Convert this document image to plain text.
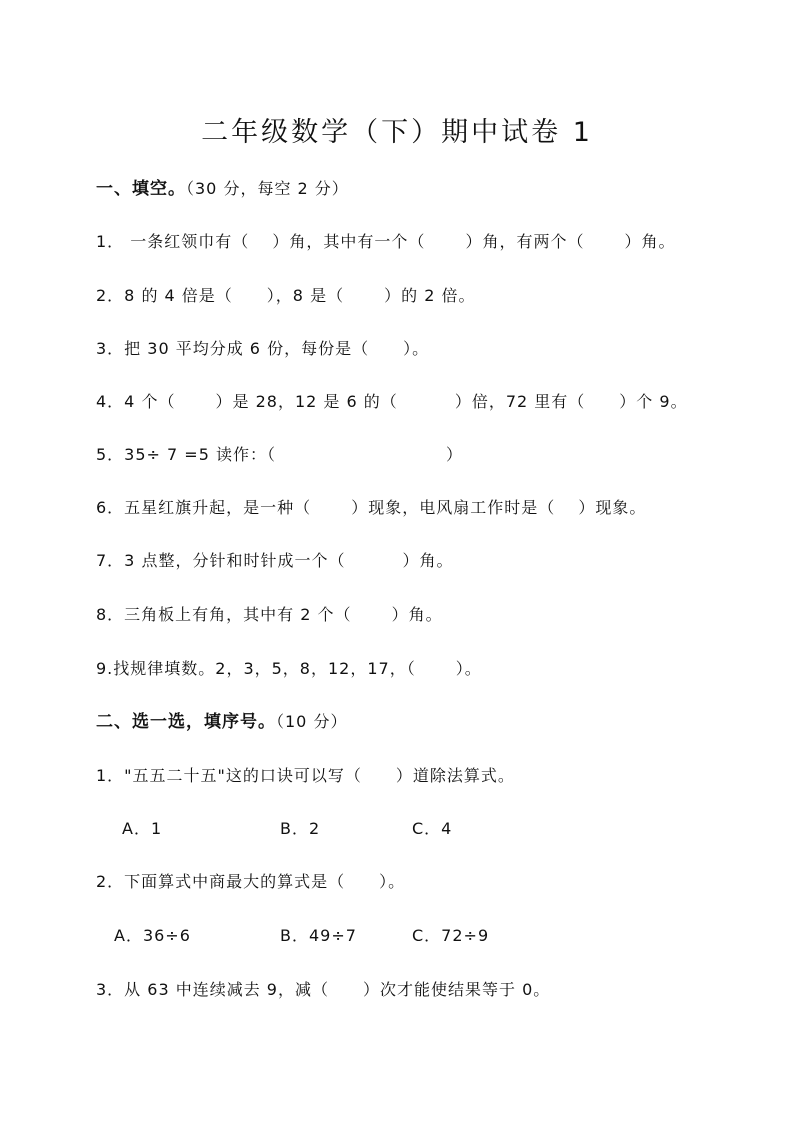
二年级数学（下）期中试卷 1
一、填空。（30 分，每空 2 分）
1． 一条红领巾有（　 ）角，其中有一个（　　 ）角，有两个（　　 ）角。
2．8 的 4 倍是（　　），8 是（　　 ）的 2 倍。
3．把 30 平均分成 6 份，每份是（　　）。
4．4 个（　　 ）是 28，12 是 6 的（　　　 ）倍，72 里有（　　）个 9。
5．35÷ 7 =5 读作：（　　　　　　　　　　）
6．五星红旗升起，是一种（　　 ）现象，电风扇工作时是（　 ）现象。
7．3 点整，分针和时针成一个（　　　 ）角。
8．三角板上有角，其中有 2 个（　　 ）角。
9.找规律填数。2，3，5，8，12，17，（　　 ）。
二、选一选，填序号。（10 分）
1．"五五二十五"这的口诀可以写（　　）道除法算式。
A．1	B．2	C．4
2．下面算式中商最大的算式是（　　）。
A．36÷6	B．49÷7	C．72÷9
3．从 63 中连续减去 9，减（　　）次才能使结果等于 0。
